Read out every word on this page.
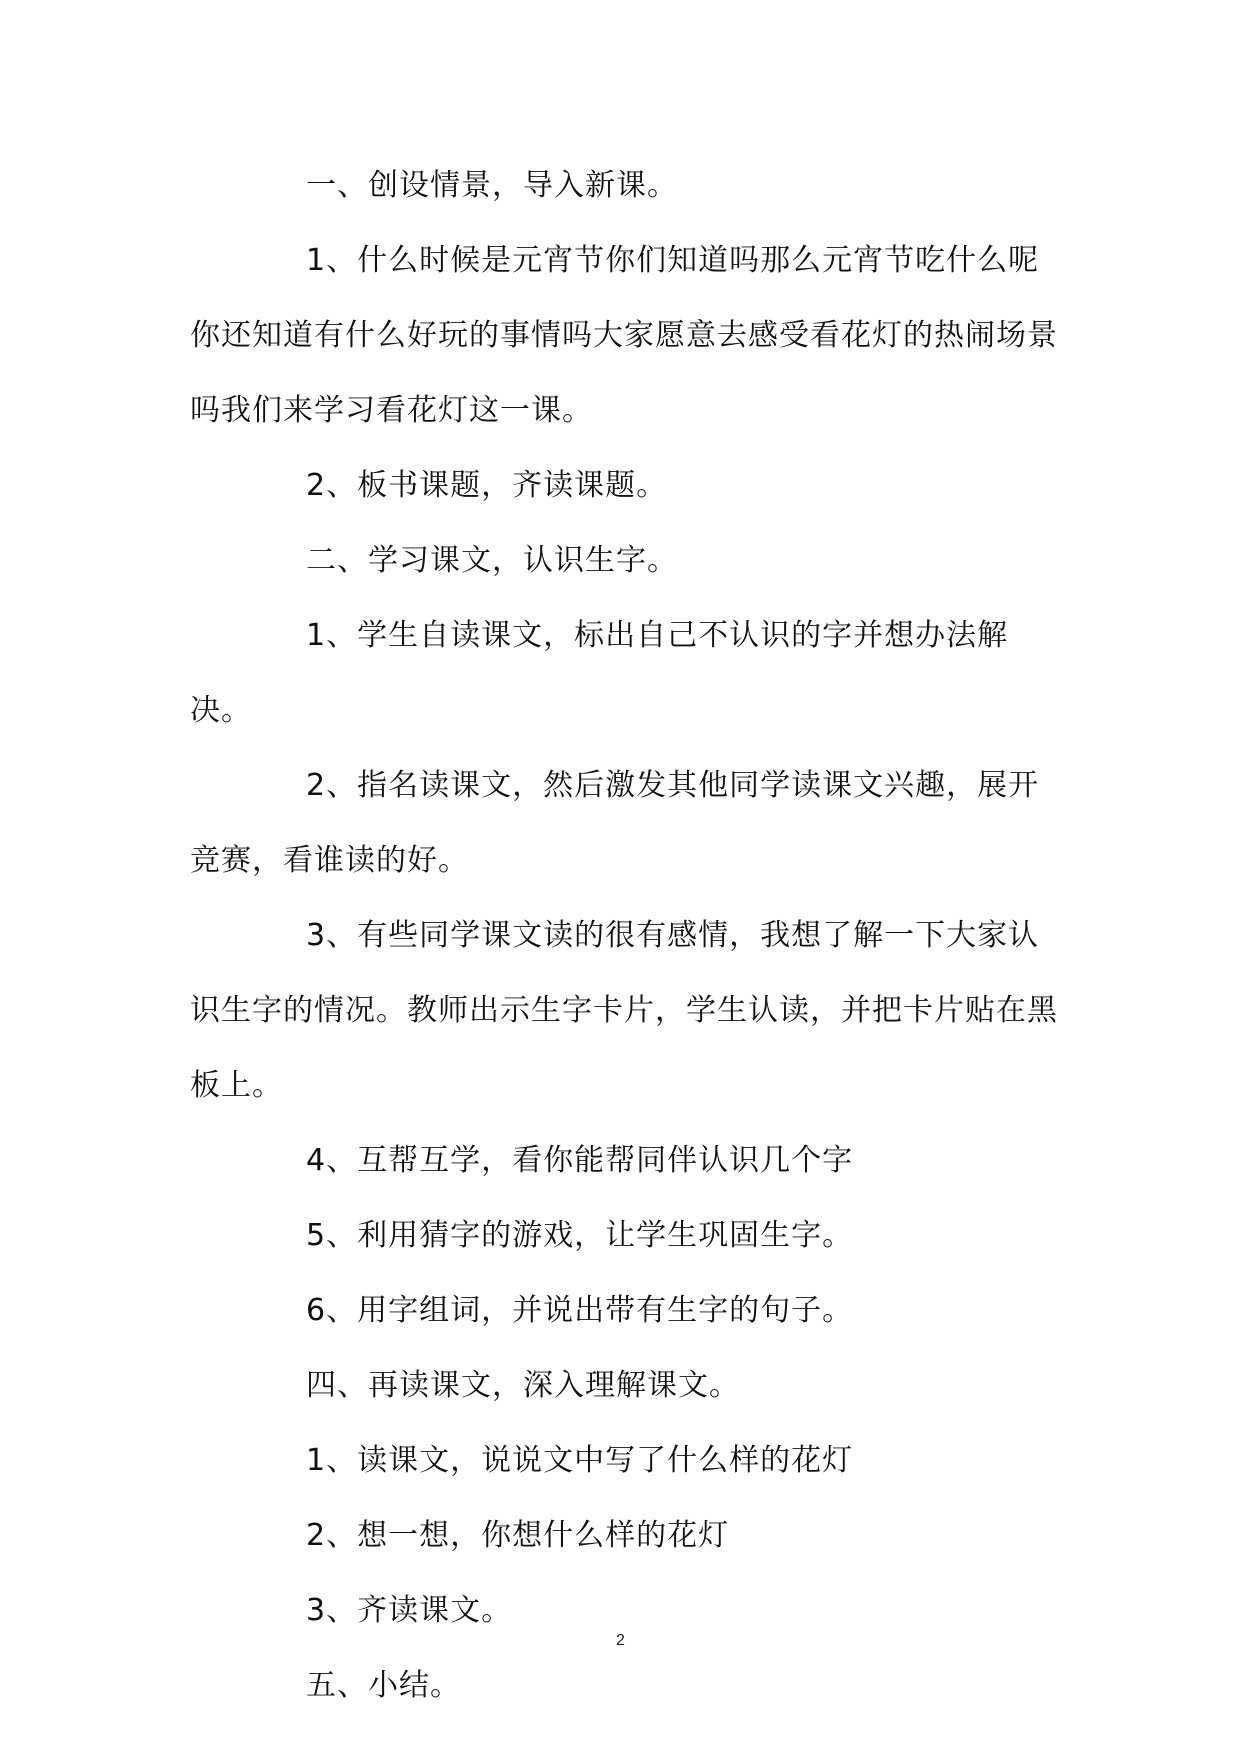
一、创设情景，导入新课。

1、什么时候是元宵节你们知道吗那么元宵节吃什么呢你还知道有什么好玩的事情吗大家愿意去感受看花灯的热闹场景吗我们来学习看花灯这一课。

2、板书课题，齐读课题。

二、学习课文，认识生字。

1、学生自读课文，标出自己不认识的字并想办法解决。

2、指名读课文，然后激发其他同学读课文兴趣，展开竞赛，看谁读的好。

3、有些同学课文读的很有感情，我想了解一下大家认识生字的情况。教师出示生字卡片，学生认读，并把卡片贴在黑板上。

4、互帮互学，看你能帮同伴认识几个字

5、利用猜字的游戏，让学生巩固生字。

6、用字组词，并说出带有生字的句子。

四、再读课文，深入理解课文。

1、读课文，说说文中写了什么样的花灯

2、想一想，你想什么样的花灯

3、齐读课文。

五、小结。

2
